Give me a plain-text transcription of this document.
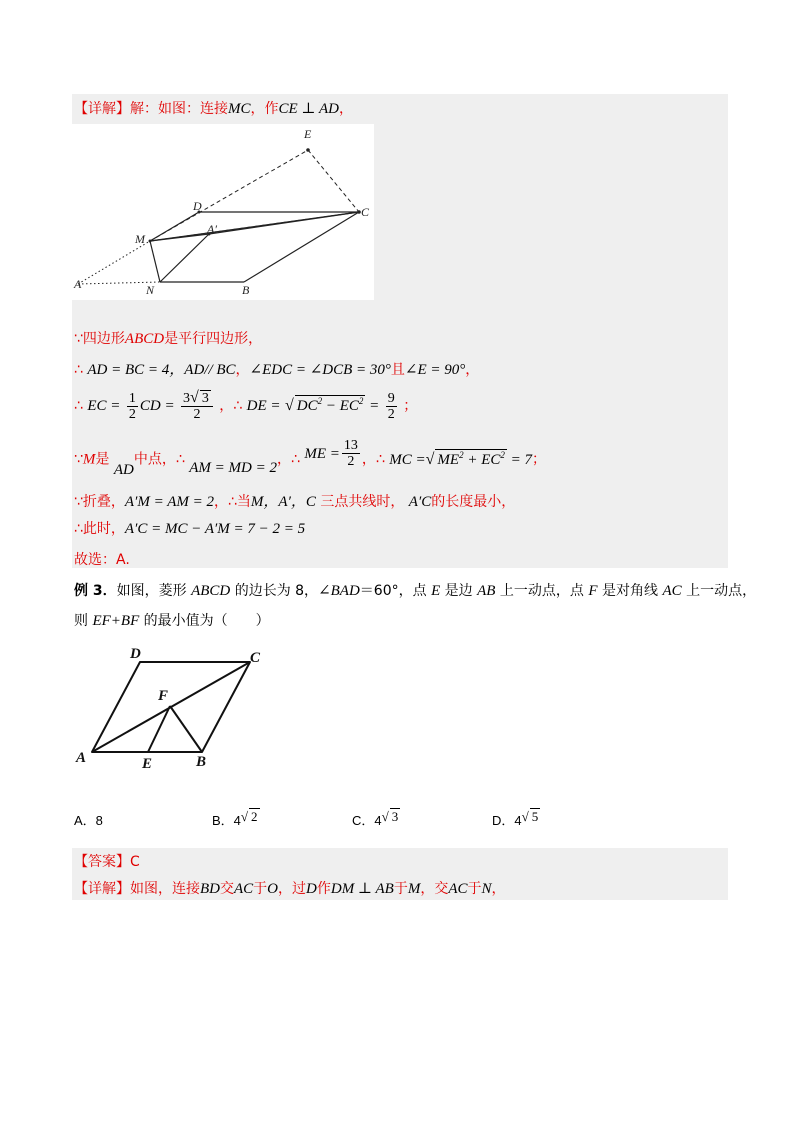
【详解】解：如图：连接MC，作CE ⊥ AD，
E
D	C
M
A′
A	N	B
∵四边形ABCD是平行四边形，
∴ AD = BC = 4，AD// BC，∠EDC = ∠DCB = 30°且∠E = 90°，
∴ EC = $\frac{1}{2}$ CD = $\frac{3√ 3}{2}$ ，∴ DE = √ $DC^2 - EC^2 = \frac{9}{2}$ ；
∵M是 AD中点，∴ AM = MD = 2，∴ ME = $\frac{13}{2}$ ，∴ MC =√ $ME^2 + EC^2 = 7$；
∵折叠，A′M = AM = 2，∴当M，A′，C 三点共线时， A′C的长度最小，
∴此时，A′C = MC − A′M = 7 − 2 = 5
故选：A.
例 3．如图，菱形 ABCD 的边长为 8，∠BAD＝60°，点 E 是边 AB 上一动点，点 F 是对角线 AC 上一动点，
则 EF+BF 的最小值为（　　）
D	C
F
A	E	B
A．8	B．4√ 2	C．4√ 3	D．4√ 5
【答案】C
【详解】如图，连接BD交AC于O，过D作DM ⊥ AB于M，交AC于N，
